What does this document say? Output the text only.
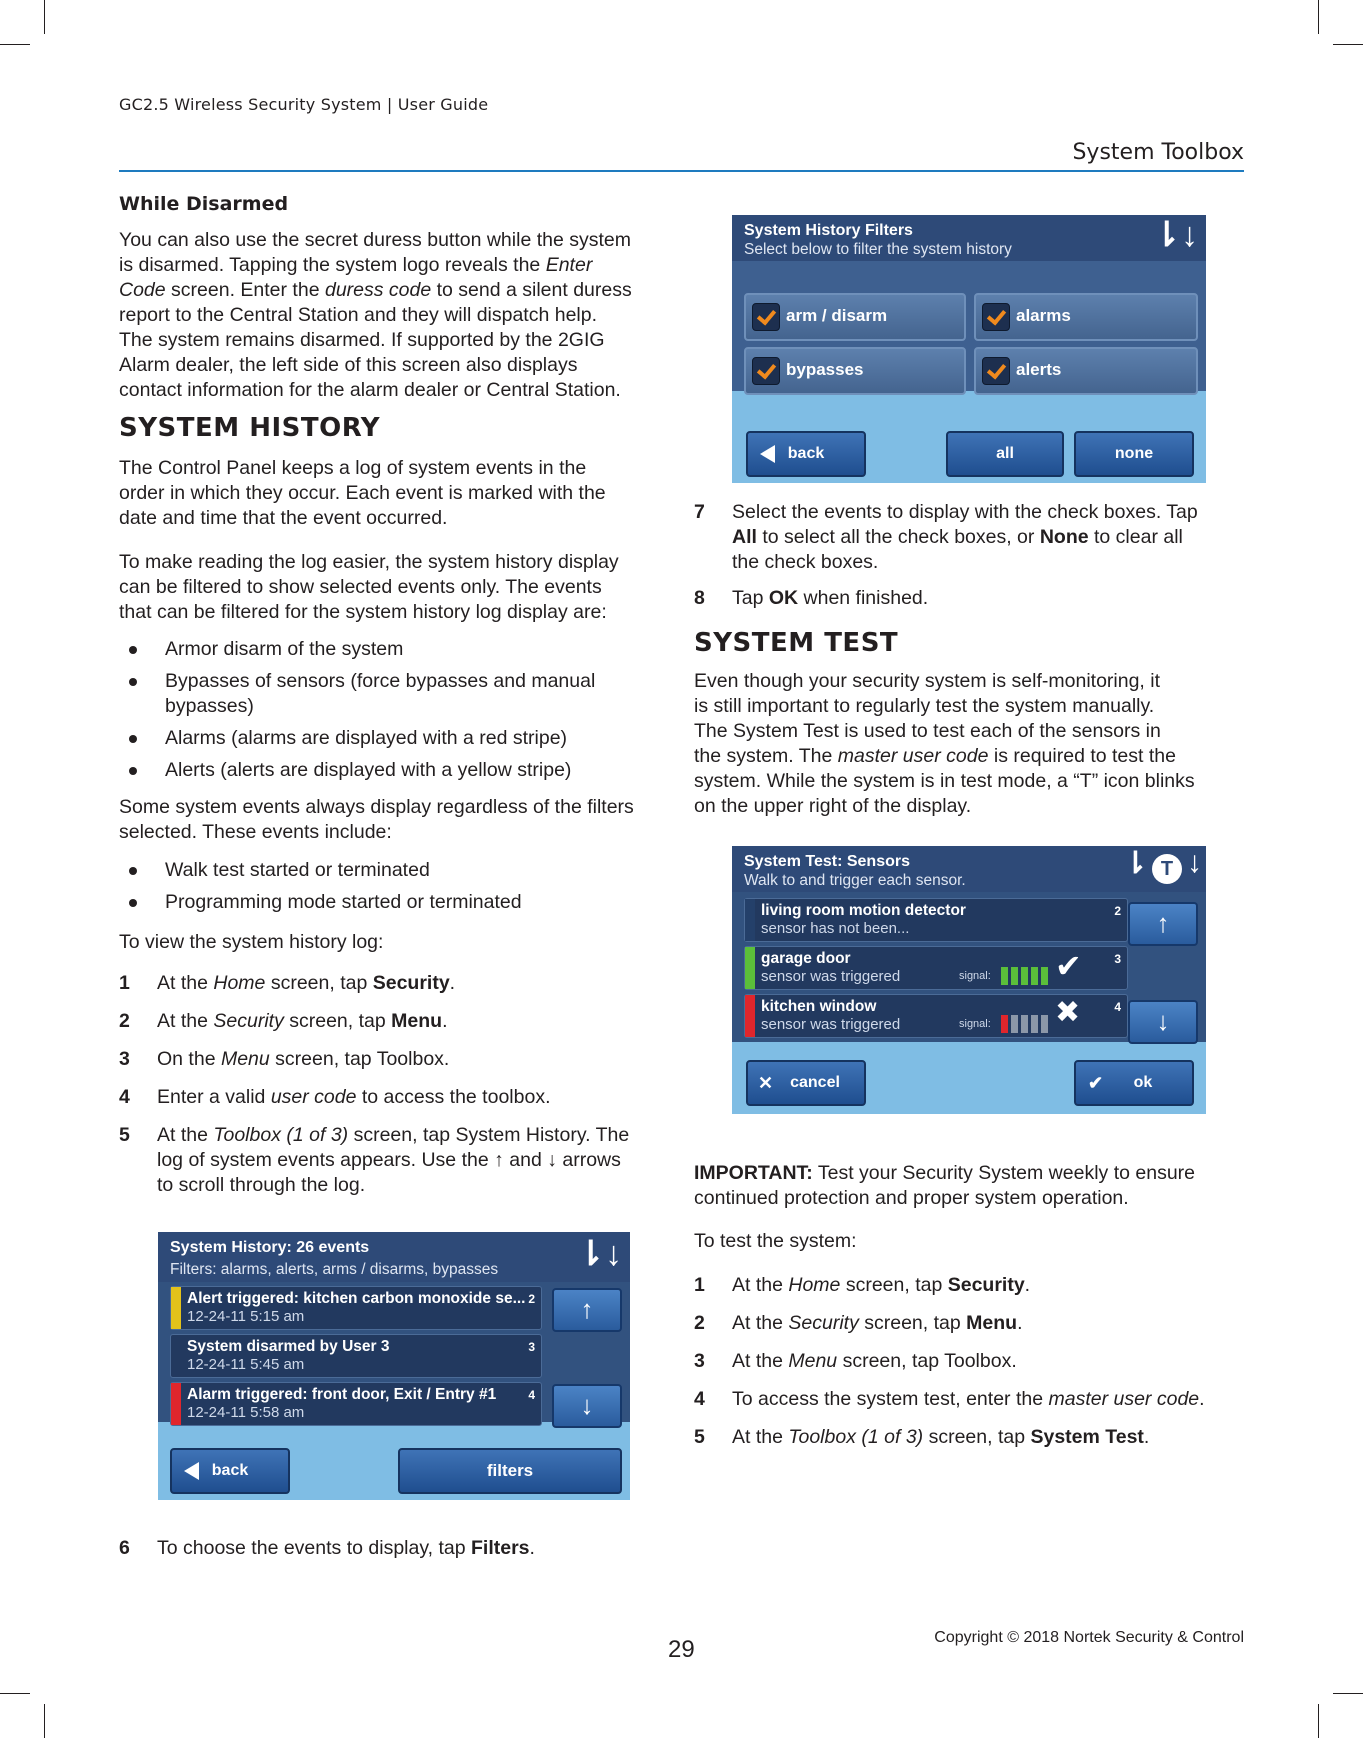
GC2.5 Wireless Security System | User Guide
System Toolbox
While Disarmed
You can also use the secret duress button while the system
is disarmed. Tapping the system logo reveals the Enter
Code screen. Enter the duress code to send a silent duress
report to the Central Station and they will dispatch help.
The system remains disarmed. If supported by the 2GIG
Alarm dealer, the left side of this screen also displays
contact information for the alarm dealer or Central Station.
SYSTEM HISTORY
The Control Panel keeps a log of system events in the
order in which they occur. Each event is marked with the
date and time that the event occurred.
To make reading the log easier, the system history display
can be filtered to show selected events only. The events
that can be filtered for the system history log display are:
Armor disarm of the system
Bypasses of sensors (force bypasses and manual
bypasses)
Alarms (alarms are displayed with a red stripe)
Alerts (alerts are displayed with a yellow stripe)
Some system events always display regardless of the filters
selected. These events include:
Walk test started or terminated
Programming mode started or terminated
To view the system history log:
1 At the Home screen, tap Security.
2 At the Security screen, tap Menu.
3 On the Menu screen, tap Toolbox.
4 Enter a valid user code to access the toolbox.
5 At the Toolbox (1 of 3) screen, tap System History. The
log of system events appears. Use the ↑ and ↓ arrows
to scroll through the log.
6 To choose the events to display, tap Filters.
System History: 26 events
Filters: alarms, alerts, arms / disarms, bypasses ⇂↓
Alert triggered: kitchen carbon monoxide se...
12-24-11 5:15 am
2
System disarmed by User 3
12-24-11 5:45 am
3
Alarm triggered: front door, Exit / Entry #1
12-24-11 5:58 am
4
↑
↓
back	filters
7 Select the events to display with the check boxes. Tap
All to select all the check boxes, or None to clear all
the check boxes.
8 Tap OK when finished.
SYSTEM TEST
Even though your security system is self-monitoring, it
is still important to regularly test the system manually.
The System Test is used to test each of the sensors in
the system. The master user code is required to test the
system. While the system is in test mode, a “T” icon blinks
on the upper right of the display.
IMPORTANT: Test your Security System weekly to ensure
continued protection and proper system operation.
To test the system:
1 At the Home screen, tap Security.
2 At the Security screen, tap Menu.
3 At the Menu screen, tap Toolbox.
4 To access the system test, enter the master user code.
5 At the Toolbox (1 of 3) screen, tap System Test.
System History Filters
Select below to filter the system history	⇂↓
arm / disarm	alarms
bypasses	alerts
back	all	none
System Test: Sensors
Walk to and trigger each sensor.
T
⇂ ↓
living room motion detector
sensor has not been...
2
garage door
sensor was triggered	signal: ✔	3
kitchen window
sensor was triggered	signal: ✖	4
↑
↓
✕ cancel	✔ ok
Copyright © 2018 Nortek Security & Control
29
